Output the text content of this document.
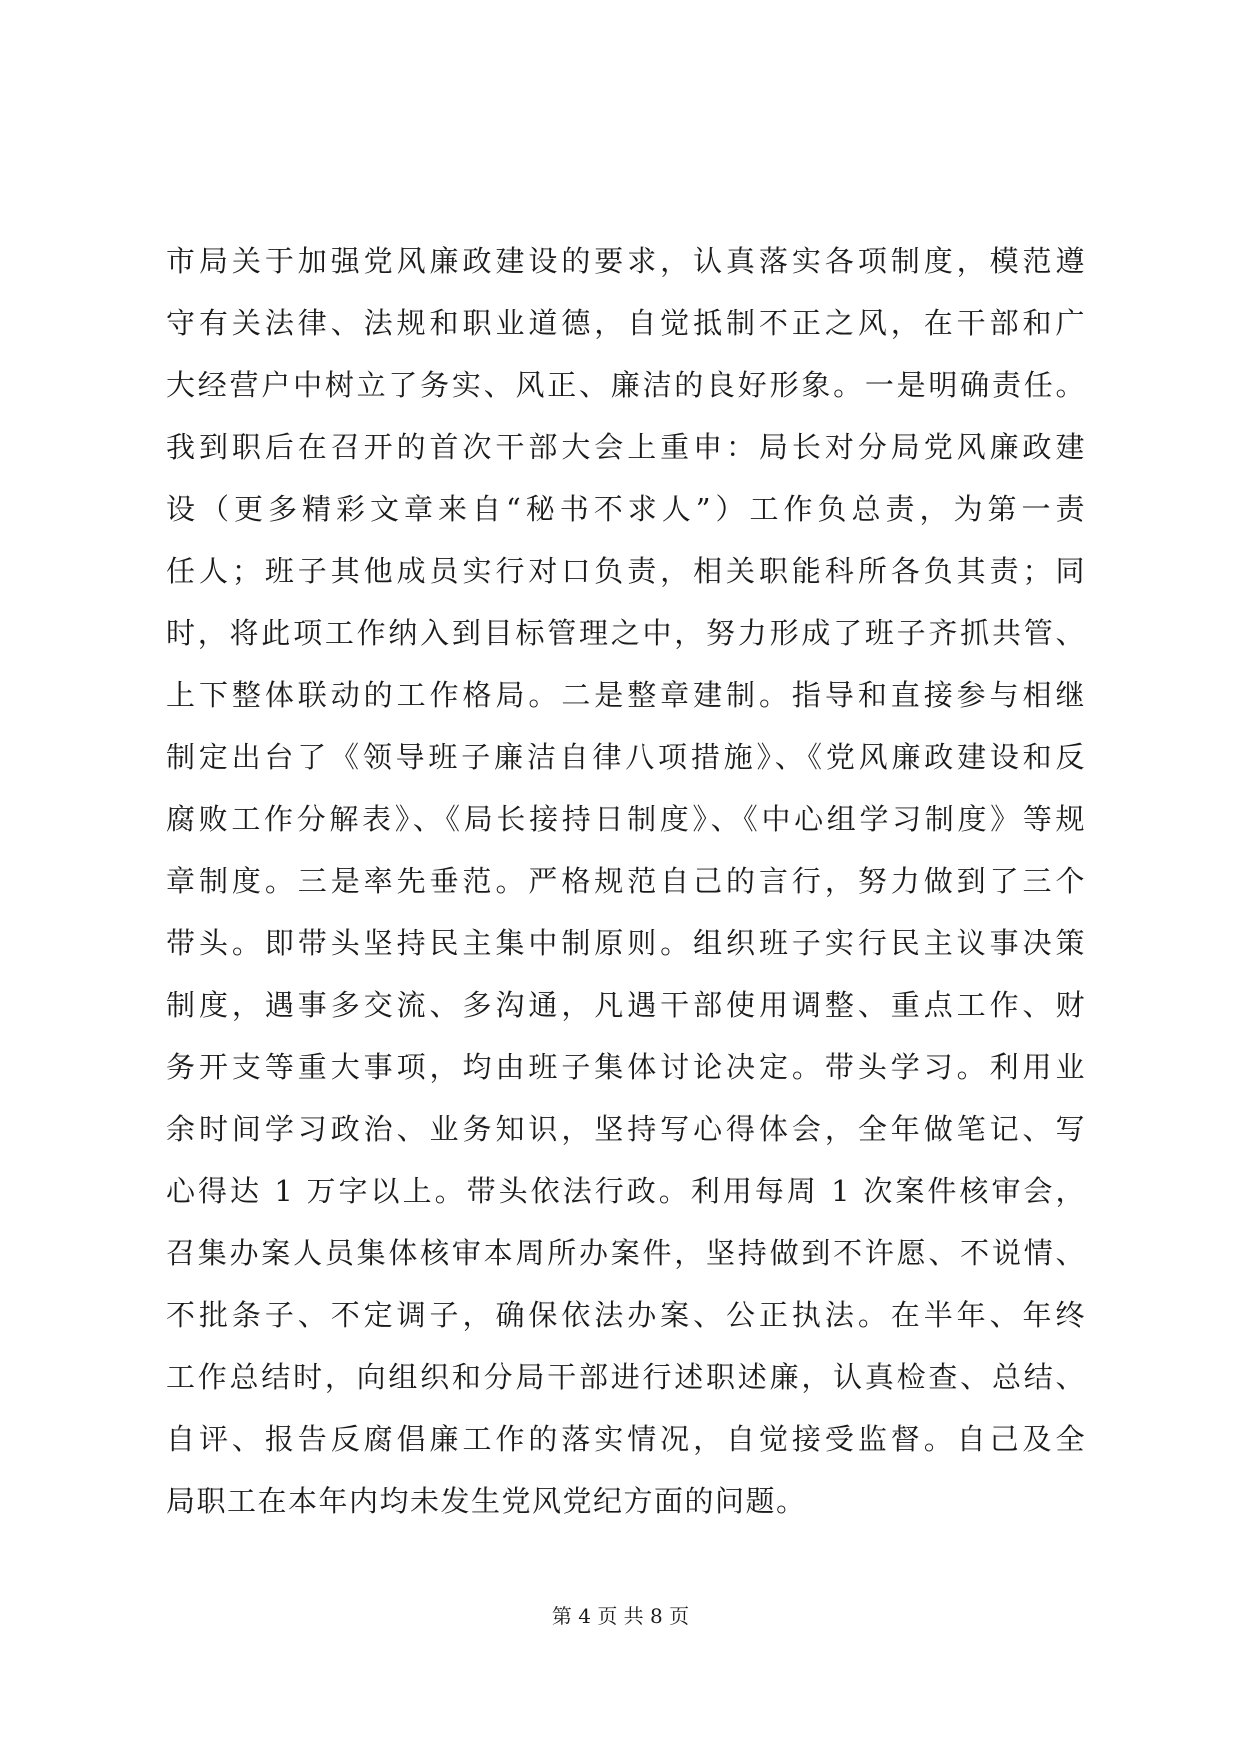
市局关于加强党风廉政建设的要求，认真落实各项制度，模范遵
守有关法律、法规和职业道德，自觉抵制不正之风，在干部和广
大经营户中树立了务实、风正、廉洁的良好形象。一是明确责任。
我到职后在召开的首次干部大会上重申：局长对分局党风廉政建
设（更多精彩文章来自“秘书不求人”）工作负总责，为第一责
任人；班子其他成员实行对口负责，相关职能科所各负其责；同
时，将此项工作纳入到目标管理之中，努力形成了班子齐抓共管、
上下整体联动的工作格局。二是整章建制。指导和直接参与相继
制定出台了《领导班子廉洁自律八项措施》、《党风廉政建设和反
腐败工作分解表》、《局长接持日制度》、《中心组学习制度》等规
章制度。三是率先垂范。严格规范自己的言行，努力做到了三个
带头。即带头坚持民主集中制原则。组织班子实行民主议事决策
制度，遇事多交流、多沟通，凡遇干部使用调整、重点工作、财
务开支等重大事项，均由班子集体讨论决定。带头学习。利用业
余时间学习政治、业务知识，坚持写心得体会，全年做笔记、写
心得达 1 万字以上。带头依法行政。利用每周 1 次案件核审会，
召集办案人员集体核审本周所办案件，坚持做到不许愿、不说情、
不批条子、不定调子，确保依法办案、公正执法。在半年、年终
工作总结时，向组织和分局干部进行述职述廉，认真检查、总结、
自评、报告反腐倡廉工作的落实情况，自觉接受监督。自己及全
局职工在本年内均未发生党风党纪方面的问题。
第 4 页 共 8 页
